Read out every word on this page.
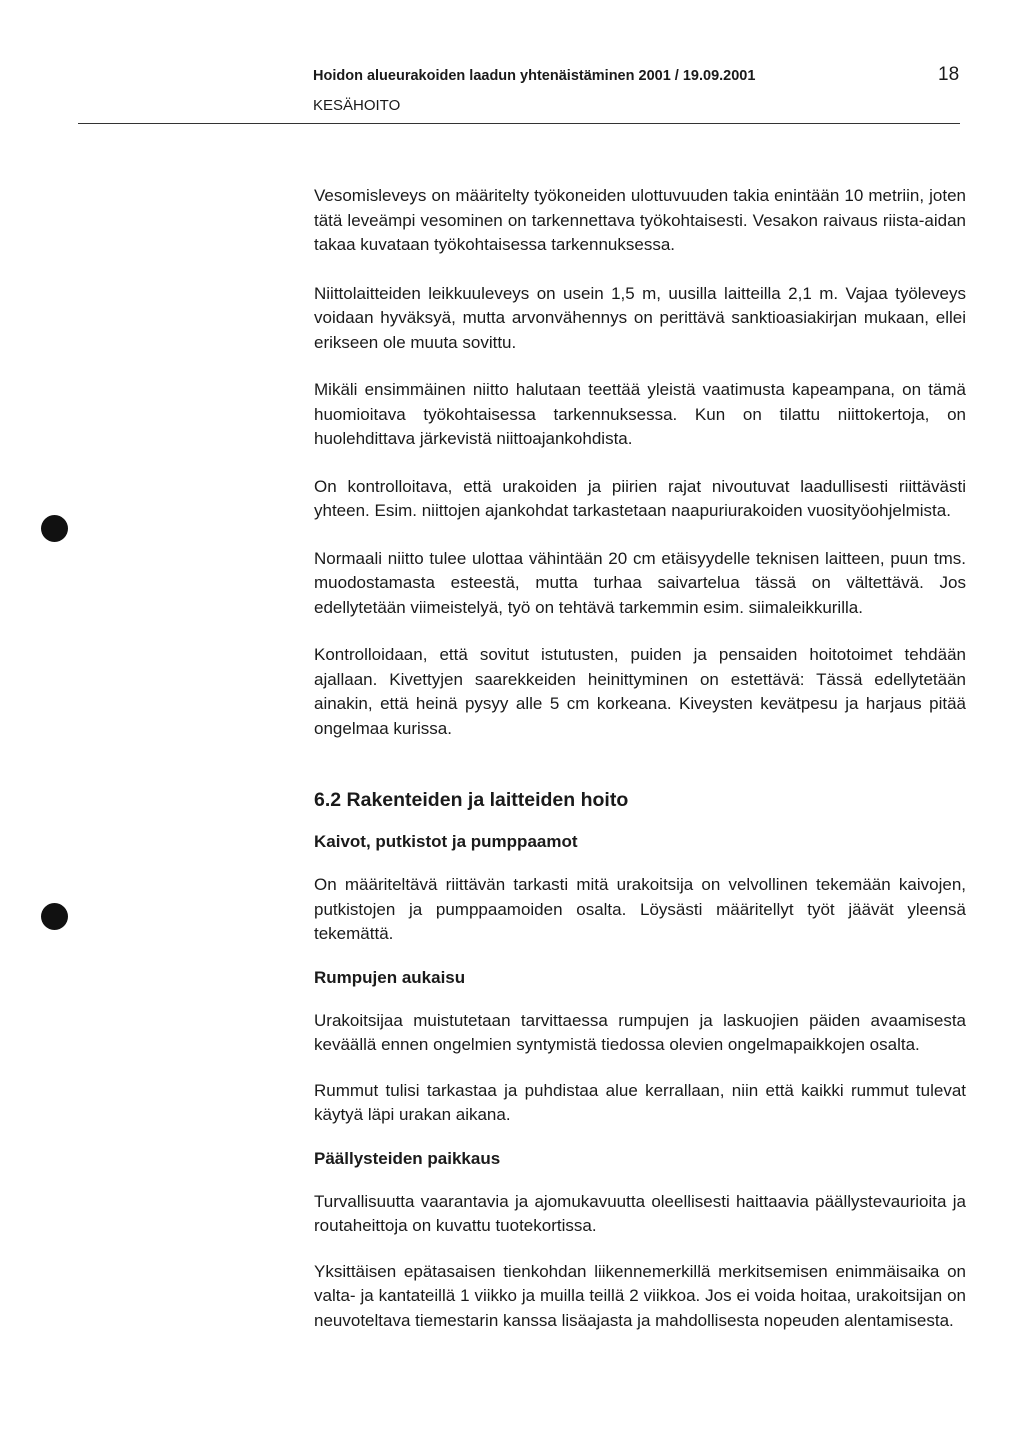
Hoidon alueurakoiden laadun yhtenäistäminen 2001 / 19.09.2001	18
KESÄHOITO

Vesomisleveys on määritelty työkoneiden ulottuvuuden takia enintään 10 metriin, joten tätä leveämpi vesominen on tarkennettava työkohtaisesti. Vesakon raivaus riista-aidan takaa kuvataan työkohtaisessa tarkennuksessa.

Niittolaitteiden leikkuuleveys on usein 1,5 m, uusilla laitteilla 2,1 m. Vajaa työleveys voidaan hyväksyä, mutta arvonvähennys on perittävä sanktioasiakirjan mukaan, ellei erikseen ole muuta sovittu.

Mikäli ensimmäinen niitto halutaan teettää yleistä vaatimusta kapeampana, on tämä huomioitava työkohtaisessa tarkennuksessa. Kun on tilattu niittokertoja, on huolehdittava järkevistä niittoajankohdista.

On kontrolloitava, että urakoiden ja piirien rajat nivoutuvat laadullisesti riittävästi yhteen. Esim. niittojen ajankohdat tarkastetaan naapuriurakoiden vuosityöohjelmista.

Normaali niitto tulee ulottaa vähintään 20 cm etäisyydelle teknisen laitteen, puun tms. muodostamasta esteestä, mutta turhaa saivartelua tässä on vältettävä. Jos edellytetään viimeistelyä, työ on tehtävä tarkemmin esim. siimaleikkurilla.

Kontrolloidaan, että sovitut istutusten, puiden ja pensaiden hoitotoimet tehdään ajallaan. Kivettyjen saarekkeiden heinittyminen on estettävä: Tässä edellytetään ainakin, että heinä pysyy alle 5 cm korkeana. Kiveysten kevätpesu ja harjaus pitää ongelmaa kurissa.

6.2 Rakenteiden ja laitteiden hoito
Kaivot, putkistot ja pumppaamot

On määriteltävä riittävän tarkasti mitä urakoitsija on velvollinen tekemään kaivojen, putkistojen ja pumppaamoiden osalta. Löysästi määritellyt työt jäävät yleensä tekemättä.

Rumpujen aukaisu

Urakoitsijaa muistutetaan tarvittaessa rumpujen ja laskuojien päiden avaamisesta keväällä ennen ongelmien syntymistä tiedossa olevien ongelmapaikkojen osalta.

Rummut tulisi tarkastaa ja puhdistaa alue kerrallaan, niin että kaikki rummut tulevat käytyä läpi urakan aikana.

Päällysteiden paikkaus

Turvallisuutta vaarantavia ja ajomukavuutta oleellisesti haittaavia päällystevaurioita ja routaheittoja on kuvattu tuotekortissa.

Yksittäisen epätasaisen tienkohdan liikennemerkillä merkitsemisen enimmäisaika on valta- ja kantateillä 1 viikko ja muilla teillä 2 viikkoa. Jos ei voida hoitaa, urakoitsijan on neuvoteltava tiemestarin kanssa lisäajasta ja mahdollisesta nopeuden alentamisesta.
